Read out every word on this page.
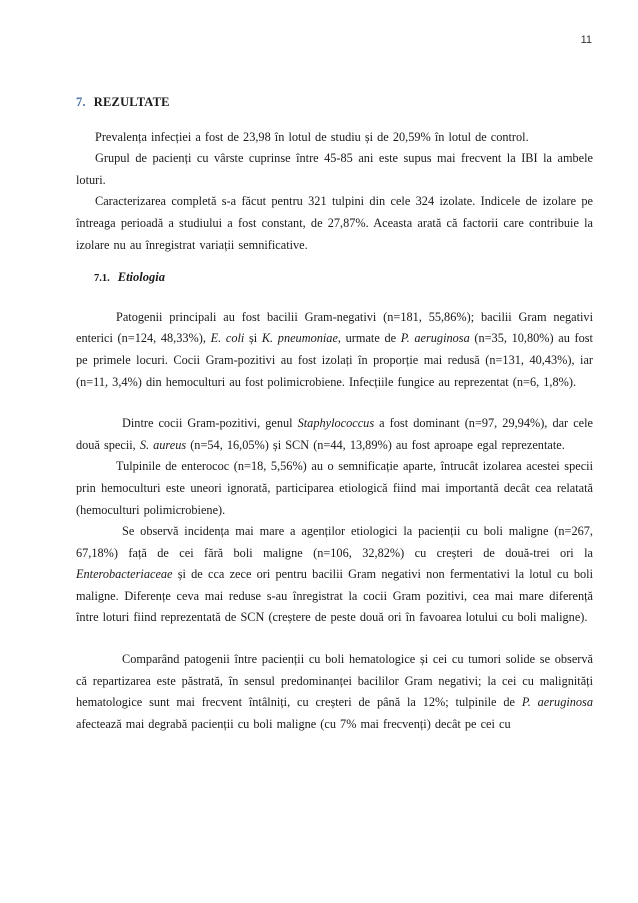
11
7. REZULTATE

Prevalența infecției a fost de 23,98 în lotul de studiu și de 20,59% în lotul de control.

Grupul de pacienți cu vârste cuprinse între 45-85 ani este supus mai frecvent la IBI la ambele loturi.

Caracterizarea completă s-a făcut pentru 321 tulpini din cele 324 izolate. Indicele de izolare pe întreaga perioadă a studiului a fost constant, de 27,87%. Aceasta arată că factorii care contribuie la izolare nu au înregistrat variații semnificative.

7.1. Etiologia

Patogenii principali au fost bacilii Gram-negativi (n=181, 55,86%); bacilii Gram negativi enterici (n=124, 48,33%), E. coli și K. pneumoniae, urmate de P. aeruginosa (n=35, 10,80%) au fost pe primele locuri. Cocii Gram-pozitivi au fost izolați în proporție mai redusă (n=131, 40,43%), iar (n=11, 3,4%) din hemoculturi au fost polimicrobiene. Infecțiile fungice au reprezentat (n=6, 1,8%).

Dintre cocii Gram-pozitivi, genul Staphylococcus a fost dominant (n=97, 29,94%), dar cele două specii, S. aureus (n=54, 16,05%) și SCN (n=44, 13,89%) au fost aproape egal reprezentate.

Tulpinile de enterococ (n=18, 5,56%) au o semnificație aparte, întrucât izolarea acestei specii prin hemoculturi este uneori ignorată, participarea etiologică fiind mai importantă decât cea relatată (hemoculturi polimicrobiene).

Se observă incidența mai mare a agenților etiologici la pacienții cu boli maligne (n=267, 67,18%) față de cei fără boli maligne (n=106, 32,82%) cu creșteri de două-trei ori la Enterobacteriaceae și de cca zece ori pentru bacilii Gram negativi non fermentativi la lotul cu boli maligne. Diferențe ceva mai reduse s-au înregistrat la cocii Gram pozitivi, cea mai mare diferență între loturi fiind reprezentată de SCN (creștere de peste două ori în favoarea lotului cu boli maligne).

Comparând patogenii între pacienții cu boli hematologice și cei cu tumori solide se observă că repartizarea este păstrată, în sensul predominanței bacililor Gram negativi; la cei cu malignități hematologice sunt mai frecvent întâlniți, cu creșteri de până la 12%; tulpinile de P. aeruginosa afectează mai degrabă pacienții cu boli maligne (cu 7% mai frecvenți) decât pe cei cu
